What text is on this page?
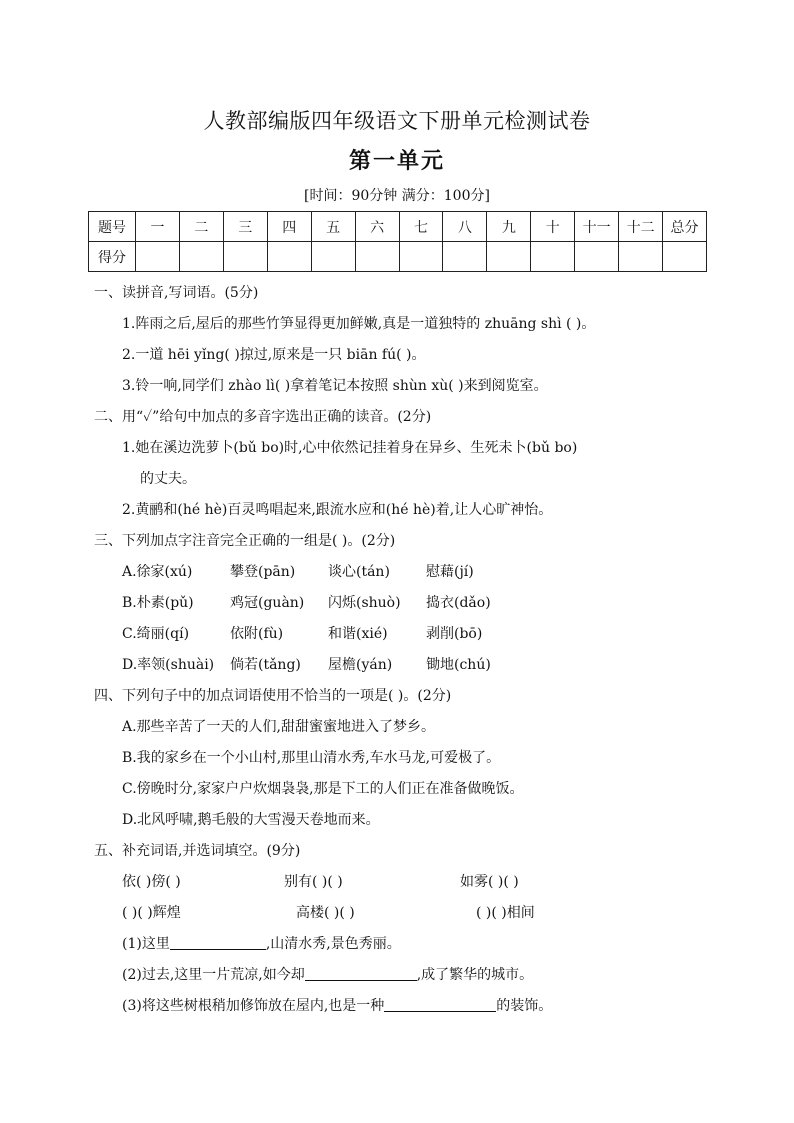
人教部编版四年级语文下册单元检测试卷
第一单元
[时间：90分钟 满分：100分]
题号	一	二	三	四	五	六	七	八	九	十	十一	十二	总分
得分													
一、读拼音,写词语。(5分)
1.阵雨之后,屋后的那些竹笋显得更加鲜嫩,真是一道独特的 zhuāng shì ( )。
2.一道 hēi yǐng( )掠过,原来是一只 biān fú( )。
3.铃一响,同学们 zhào lì( )拿着笔记本按照 shùn xù( )来到阅览室。
二、用“✓”给句中加点的多音字选出正确的读音。(2分)
1.她在溪边洗萝卜(bǔ bo)时,心中依然记挂着身在异乡、生死未卜(bǔ bo)
的丈夫。
2.黄鹂和(hé hè)百灵鸣唱起来,跟流水应和(hé hè)着,让人心旷神怡。
三、下列加点字注音完全正确的一组是( )。(2分)
A.徐家(xú)	攀登(pān) 谈心(tán)	慰藉(jí)
B.朴素(pǔ)	鸡冠(guàn) 闪烁(shuò) 捣衣(dǎo)
C.绮丽(qí)	依附(fù)	和谐(xié)	剥削(bō)
D.率领(shuài) 倘若(tǎng) 屋檐(yán) 锄地(chú)
四、下列句子中的加点词语使用不恰当的一项是( )。(2分)
A.那些辛苦了一天的人们,甜甜蜜蜜地进入了梦乡。
B.我的家乡在一个小山村,那里山清水秀,车水马龙,可爱极了。
C.傍晚时分,家家户户炊烟袅袅,那是下工的人们正在准备做晚饭。
D.北风呼啸,鹅毛般的大雪漫天卷地而来。
五、补充词语,并选词填空。(9分)
依( )傍( )	别有( )( )	如雾( )( )
( )( )辉煌	高楼( )( )	( )( )相间
(1)这里	,山清水秀,景色秀丽。
(2)过去,这里一片荒凉,如今却	,成了繁华的城市。
(3)将这些树根稍加修饰放在屋内,也是一种	的装饰。
